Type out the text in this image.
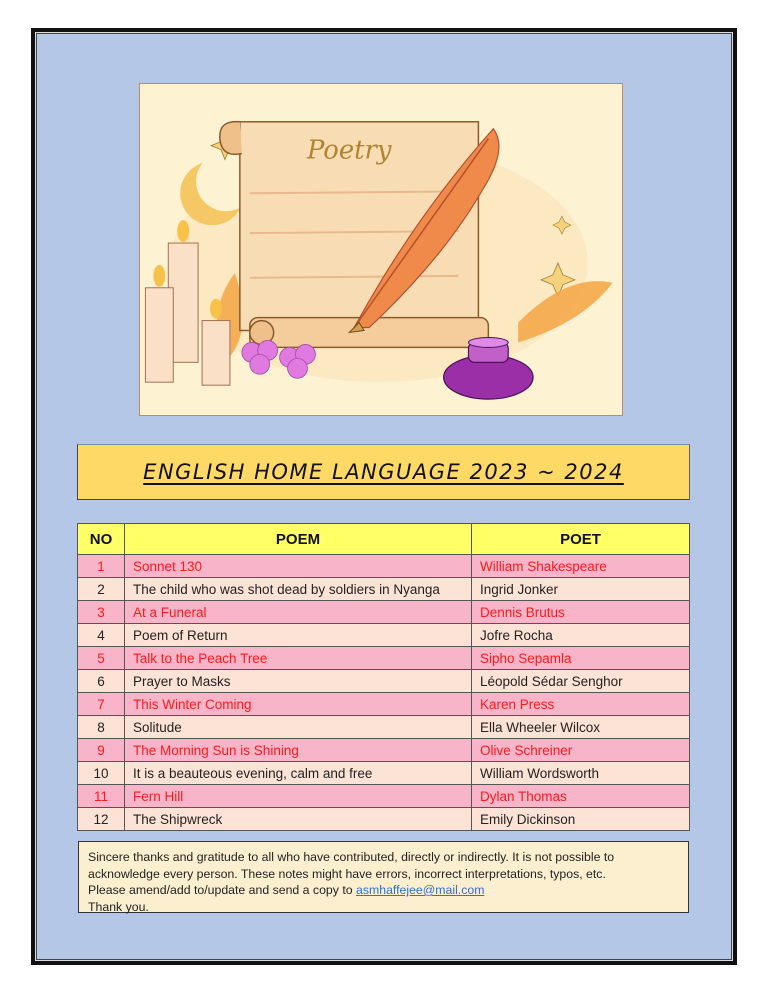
Poetry
ENGLISH HOME LANGUAGE 2023 ~ 2024
NO	POEM	POET
1	Sonnet 130	William Shakespeare
2	The child who was shot dead by soldiers in Nyanga	Ingrid Jonker
3	At a Funeral	Dennis Brutus
4	Poem of Return	Jofre Rocha
5	Talk to the Peach Tree	Sipho Sepamla
6	Prayer to Masks	Léopold Sédar Senghor
7	This Winter Coming	Karen Press
8	Solitude	Ella Wheeler Wilcox
9	The Morning Sun is Shining	Olive Schreiner
10	It is a beauteous evening, calm and free	William Wordsworth
11	Fern Hill	Dylan Thomas
12	The Shipwreck	Emily Dickinson
Sincere thanks and gratitude to all who have contributed, directly or indirectly. It is not possible to
acknowledge every person. These notes might have errors, incorrect interpretations, typos, etc.
Please amend/add to/update and send a copy to asmhaffejee@mail.com
Thank you.
